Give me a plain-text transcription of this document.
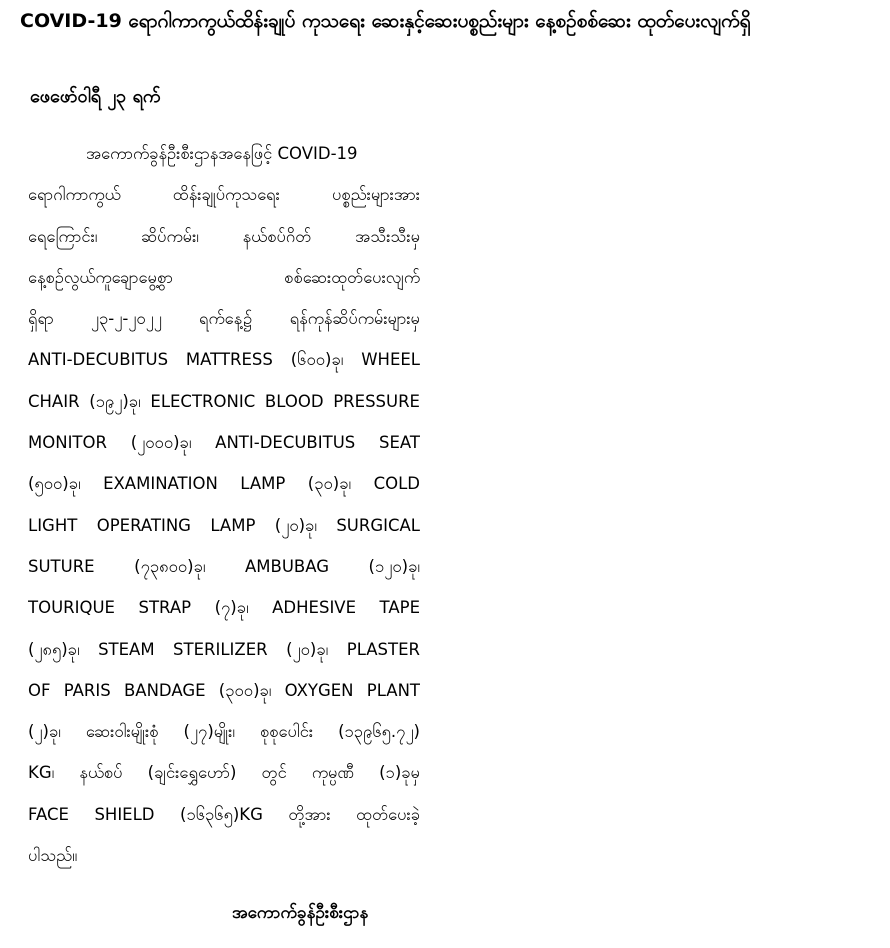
COVID-19 ရောဂါကာကွယ်ထိန်းချုပ် ကုသရေး ဆေးနှင့်ဆေးပစ္စည်းများ နေ့စဉ်စစ်ဆေး ထုတ်ပေးလျက်ရှိ
ဖေဖော်ဝါရီ ၂၃ ရက်
အကောက်ခွန်ဦးစီးဌာနအနေဖြင့် COVID-19
ရောဂါကာကွယ် ထိန်းချုပ်ကုသရေး ပစ္စည်းများအား
ရေကြောင်း၊ ဆိပ်ကမ်း၊ နယ်စပ်ဂိတ် အသီးသီးမှ
နေ့စဉ်လွယ်ကူချောမွေ့စွာ စစ်ဆေးထုတ်ပေးလျက်
ရှိရာ ၂၃-၂-၂၀၂၂ ရက်နေ့၌ ရန်ကုန်ဆိပ်ကမ်းများမှ
ANTI-DECUBITUS MATTRESS (၆၀၀)ခု၊ WHEEL
CHAIR (၁၉၂)ခု၊ ELECTRONIC BLOOD PRESSURE
MONITOR (၂၀၀၀)ခု၊ ANTI-DECUBITUS SEAT
(၅၀၀)ခု၊ EXAMINATION LAMP (၃၀)ခု၊ COLD
LIGHT OPERATING LAMP (၂၀)ခု၊ SURGICAL
SUTURE (၇၃၈၀၀)ခု၊ AMBUBAG (၁၂၀)ခု၊
TOURIQUE STRAP (၇)ခု၊ ADHESIVE TAPE
(၂၈၅)ခု၊ STEAM STERILIZER (၂၀)ခု၊ PLASTER
OF PARIS BANDAGE (၃၀၀)ခု၊ OXYGEN PLANT
(၂)ခု၊ ဆေးဝါးမျိုးစုံ (၂၇)မျိုး၊ စုစုပေါင်း (၁၃၉၆၅.၇၂)
KG၊ နယ်စပ် (ချင်းရွှေဟော်) တွင် ကုမ္ပဏီ (၁)ခုမှ
FACE SHIELD (၁၆၃၆၅)KG တို့အား ထုတ်ပေးခဲ့
ပါသည်။
အကောက်ခွန်ဦးစီးဌာန
